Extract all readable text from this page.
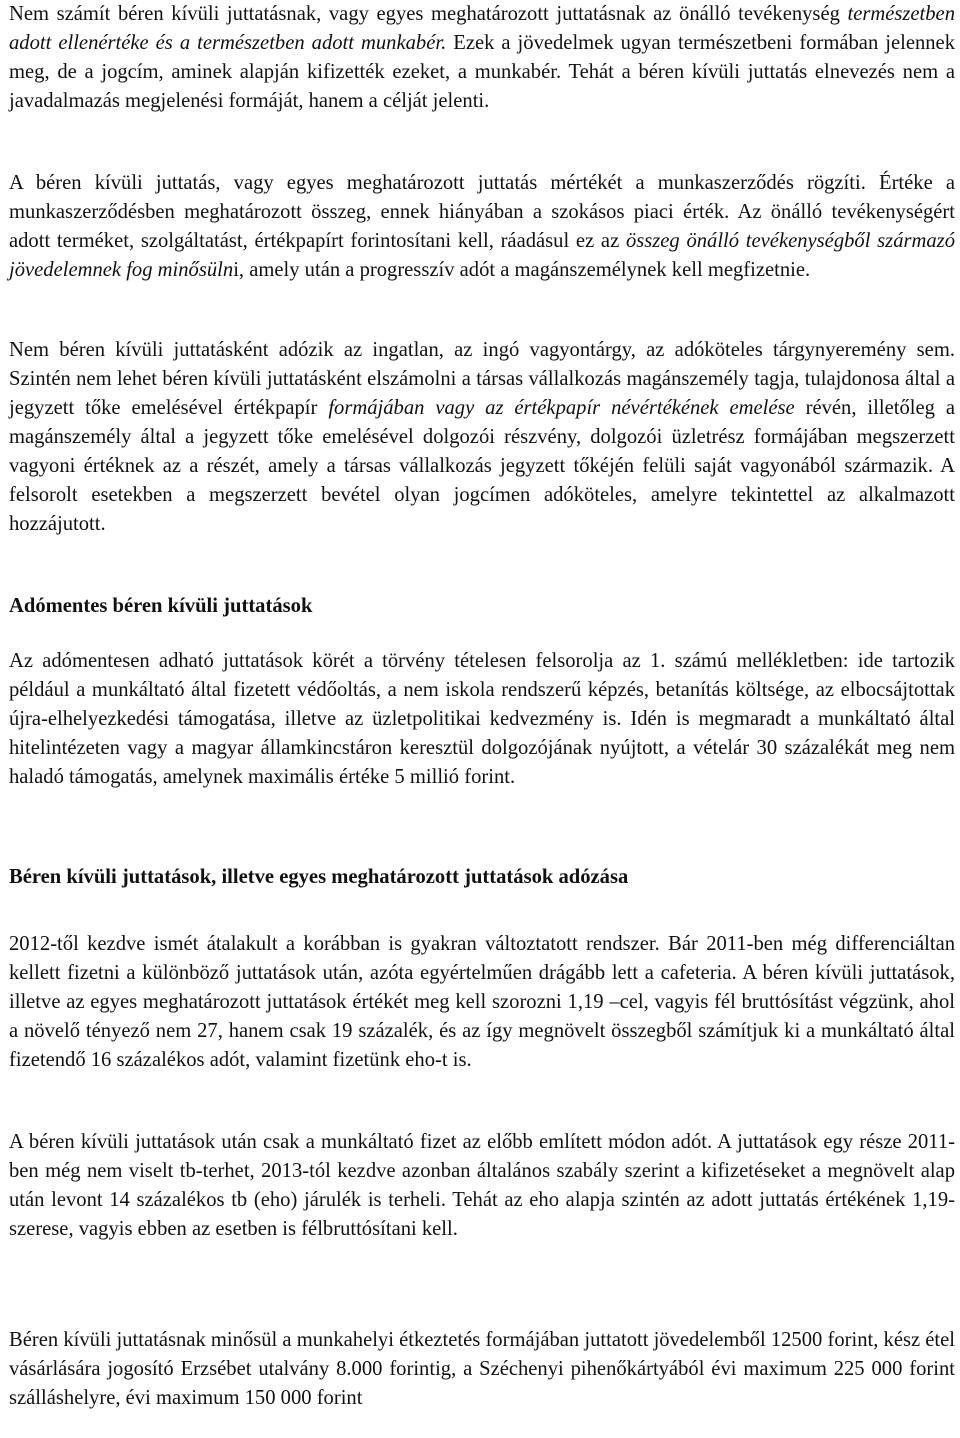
Nem számít béren kívüli juttatásnak, vagy egyes meghatározott juttatásnak az önálló tevékenység természetben adott ellenértéke és a természetben adott munkabér. Ezek a jövedelmek ugyan természetbeni formában jelennek meg, de a jogcím, aminek alapján kifizették ezeket, a munkabér. Tehát a béren kívüli juttatás elnevezés nem a javadalmazás megjelenési formáját, hanem a célját jelenti.

A béren kívüli juttatás, vagy egyes meghatározott juttatás mértékét a munkaszerződés rögzíti. Értéke a munkaszerződésben meghatározott összeg, ennek hiányában a szokásos piaci érték. Az önálló tevékenységért adott terméket, szolgáltatást, értékpapírt forintosítani kell, ráadásul ez az összeg önálló tevékenységből származó jövedelemnek fog minősülni, amely után a progresszív adót a magánszemélynek kell megfizetnie.

Nem béren kívüli juttatásként adózik az ingatlan, az ingó vagyontárgy, az adóköteles tárgynyeremény sem. Szintén nem lehet béren kívüli juttatásként elszámolni a társas vállalkozás magánszemély tagja, tulajdonosa által a jegyzett tőke emelésével értékpapír formájában vagy az értékpapír névértékének emelése révén, illetőleg a magánszemély által a jegyzett tőke emelésével dolgozói részvény, dolgozói üzletrész formájában megszerzett vagyoni értéknek az a részét, amely a társas vállalkozás jegyzett tőkéjén felüli saját vagyonából származik. A felsorolt esetekben a megszerzett bevétel olyan jogcímen adóköteles, amelyre tekintettel az alkalmazott hozzájutott.

Adómentes béren kívüli juttatások

Az adómentesen adható juttatások körét a törvény tételesen felsorolja az 1. számú mellékletben: ide tartozik például a munkáltató által fizetett védőoltás, a nem iskola rendszerű képzés, betanítás költsége, az elbocsájtottak újra-elhelyezkedési támogatása, illetve az üzletpolitikai kedvezmény is. Idén is megmaradt a munkáltató által hitelintézeten vagy a magyar államkincstáron keresztül dolgozójának nyújtott, a vételár 30 százalékát meg nem haladó támogatás, amelynek maximális értéke 5 millió forint.

Béren kívüli juttatások, illetve egyes meghatározott juttatások adózása

2012-től kezdve ismét átalakult a korábban is gyakran változtatott rendszer. Bár 2011-ben még differenciáltan kellett fizetni a különböző juttatások után, azóta egyértelműen drágább lett a cafeteria. A béren kívüli juttatások, illetve az egyes meghatározott juttatások értékét meg kell szorozni 1,19 –cel, vagyis fél bruttósítást végzünk, ahol a növelő tényező nem 27, hanem csak 19 százalék, és az így megnövelt összegből számítjuk ki a munkáltató által fizetendő 16 százalékos adót, valamint fizetünk eho-t is.

A béren kívüli juttatások után csak a munkáltató fizet az előbb említett módon adót. A juttatások egy része 2011-ben még nem viselt tb-terhet, 2013-tól kezdve azonban általános szabály szerint a kifizetéseket a megnövelt alap után levont 14 százalékos tb (eho) járulék is terheli. Tehát az eho alapja szintén az adott juttatás értékének 1,19-szerese, vagyis ebben az esetben is félbruttósítani kell.

Béren kívüli juttatásnak minősül a munkahelyi étkeztetés formájában juttatott jövedelemből 12500 forint, kész étel vásárlására jogosító Erzsébet utalvány 8.000 forintig, a Széchenyi pihenőkártyából évi maximum 225 000 forint szálláshelyre, évi maximum 150 000 forint
